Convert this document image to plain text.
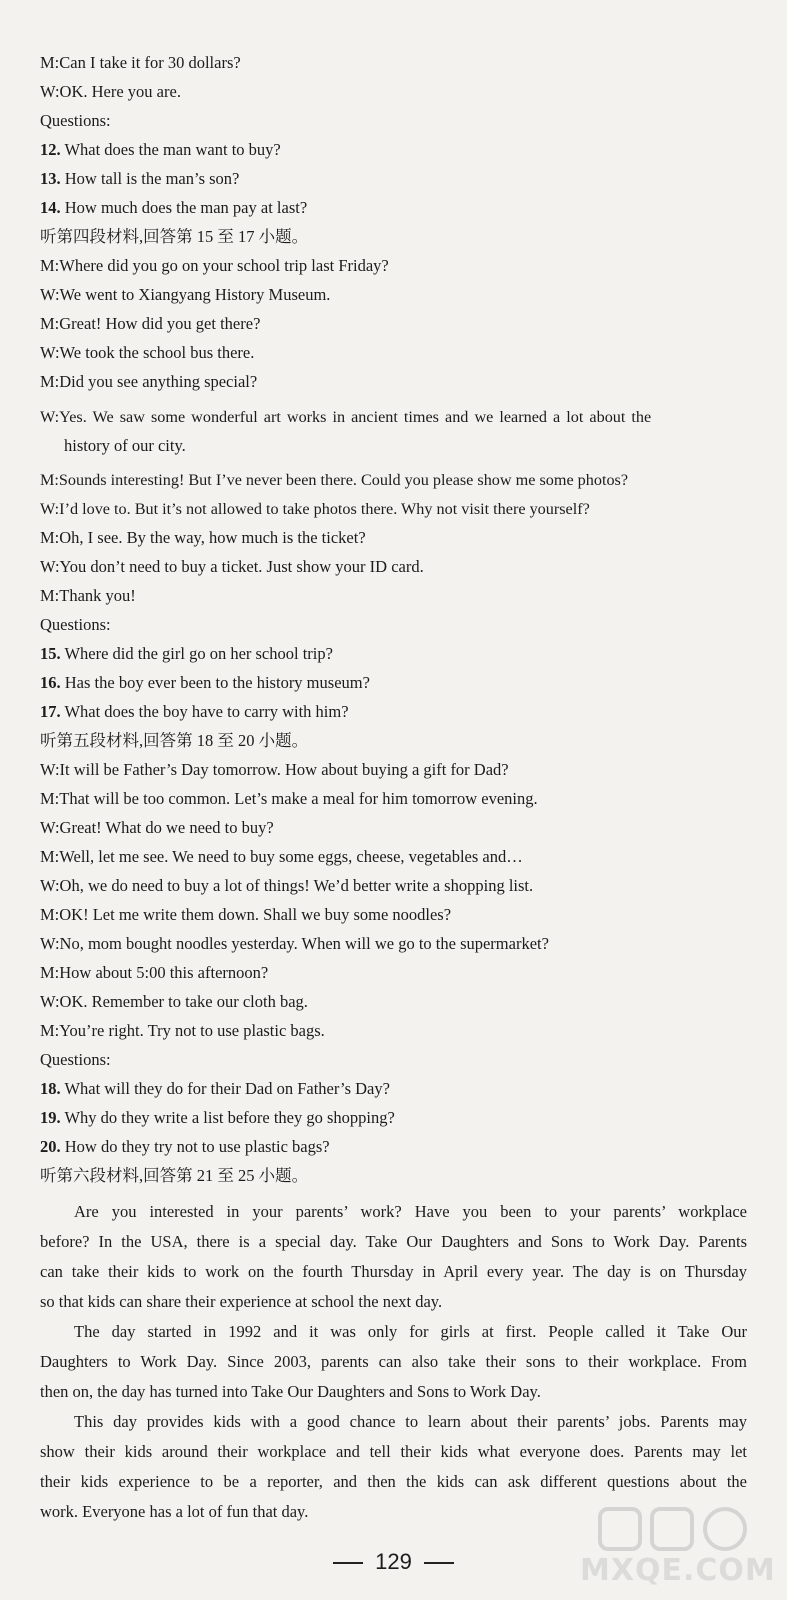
M:Can I take it for 30 dollars?
W:OK. Here you are.
Questions:
12. What does the man want to buy?
13. How tall is the man’s son?
14. How much does the man pay at last?
听第四段材料,回答第 15 至 17 小题。
M:Where did you go on your school trip last Friday?
W:We went to Xiangyang History Museum.
M:Great! How did you get there?
W:We took the school bus there.
M:Did you see anything special?
W:Yes. We saw some wonderful art works in ancient times and we learned a lot about the
history of our city.
M:Sounds interesting! But I’ve never been there. Could you please show me some photos?
W:I’d love to. But it’s not allowed to take photos there. Why not visit there yourself?
M:Oh, I see. By the way, how much is the ticket?
W:You don’t need to buy a ticket. Just show your ID card.
M:Thank you!
Questions:
15. Where did the girl go on her school trip?
16. Has the boy ever been to the history museum?
17. What does the boy have to carry with him?
听第五段材料,回答第 18 至 20 小题。
W:It will be Father’s Day tomorrow. How about buying a gift for Dad?
M:That will be too common. Let’s make a meal for him tomorrow evening.
W:Great! What do we need to buy?
M:Well, let me see. We need to buy some eggs, cheese, vegetables and…
W:Oh, we do need to buy a lot of things! We’d better write a shopping list.
M:OK! Let me write them down. Shall we buy some noodles?
W:No, mom bought noodles yesterday. When will we go to the supermarket?
M:How about 5:00 this afternoon?
W:OK. Remember to take our cloth bag.
M:You’re right. Try not to use plastic bags.
Questions:
18. What will they do for their Dad on Father’s Day?
19. Why do they write a list before they go shopping?
20. How do they try not to use plastic bags?
听第六段材料,回答第 21 至 25 小题。
Are you interested in your parents’ work? Have you been to your parents’ workplace
before? In the USA, there is a special day. Take Our Daughters and Sons to Work Day. Parents
can take their kids to work on the fourth Thursday in April every year. The day is on Thursday
so that kids can share their experience at school the next day.
The day started in 1992 and it was only for girls at first. People called it Take Our
Daughters to Work Day. Since 2003, parents can also take their sons to their workplace. From
then on, the day has turned into Take Our Daughters and Sons to Work Day.
This day provides kids with a good chance to learn about their parents’ jobs. Parents may
show their kids around their workplace and tell their kids what everyone does. Parents may let
their kids experience to be a reporter, and then the kids can ask different questions about the
work. Everyone has a lot of fun that day.
129	MXQE.COM
